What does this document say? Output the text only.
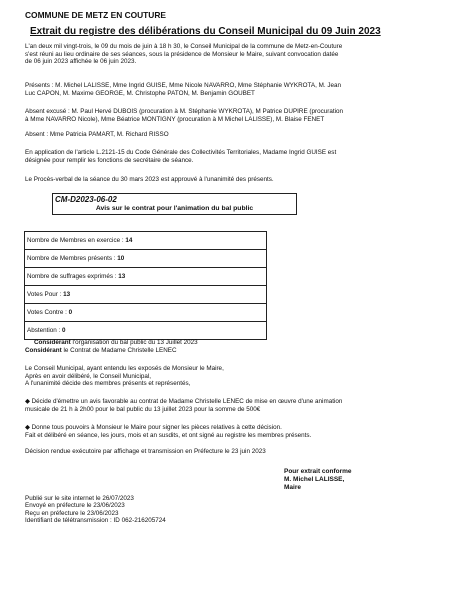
COMMUNE DE METZ EN COUTURE
Extrait du registre des délibérations du Conseil Municipal du 09 Juin 2023
L'an deux mil vingt-trois, le 09 du mois de juin à 18 h 30, le Conseil Municipal de la commune de Metz-en-Couture
s'est réuni au lieu ordinaire de ses séances, sous la présidence de Monsieur le Maire, suivant convocation datée
de 06 juin 2023 affichée le 06 juin 2023.
Présents : M. Michel LALISSE, Mme Ingrid GUISE, Mme Nicole NAVARRO, Mme Stéphanie WYKROTA, M. Jean
Luc CAPON, M. Maxime GEORGE, M. Christophe PATON, M. Benjamin GOUBET
Absent excusé : M. Paul Hervé DUBOIS (procuration à M. Stéphanie WYKROTA), M Patrice DUPIRE (procuration
à Mme NAVARRO Nicole), Mme Béatrice MONTIGNY (procuration à M Michel LALISSE), M. Blaise FENET
Absent : Mme Patricia PAMART, M. Richard RISSO
En application de l'article L.2121-15 du Code Générale des Collectivités Territoriales, Madame Ingrid GUISE est
désignée pour remplir les fonctions de secrétaire de séance.
Le Procès-verbal de la séance du 30 mars 2023 est approuvé à l'unanimité des présents.
CM-D2023-06-02
Avis sur le contrat pour l'animation du bal public
Nombre de Membres en exercice : 14
Nombre de Membres présents : 10
Nombre de suffrages exprimés : 13
Votes Pour : 13
Votes Contre : 0
Abstention : 0
Considérant l'organisation du bal public du 13 Juillet 2023
Considérant le Contrat de Madame Christelle LENEC
Le Conseil Municipal, ayant entendu les exposés de Monsieur le Maire,
Après en avoir délibéré, le Conseil Municipal,
A l'unanimité décide des membres présents et représentés,
◆ Décide d'émettre un avis favorable au contrat de Madame Christelle LENEC de mise en œuvre d'une animation
musicale de 21 h à 2h00 pour le bal public du 13 juillet 2023 pour la somme de 500€
◆ Donne tous pouvoirs à Monsieur le Maire pour signer les pièces relatives à cette décision.
Fait et délibéré en séance, les jours, mois et an susdits, et ont signé au registre les membres présents.
Décision rendue exécutoire par affichage et transmission en Préfecture le 23 juin 2023
Pour extrait conforme
M. Michel LALISSE,
Maire
Publié sur le site internet le 26/07/2023
Envoyé en préfecture le 23/06/2023
Reçu en préfecture le 23/06/2023
Identifiant de télétransmission : ID 062-216205724
